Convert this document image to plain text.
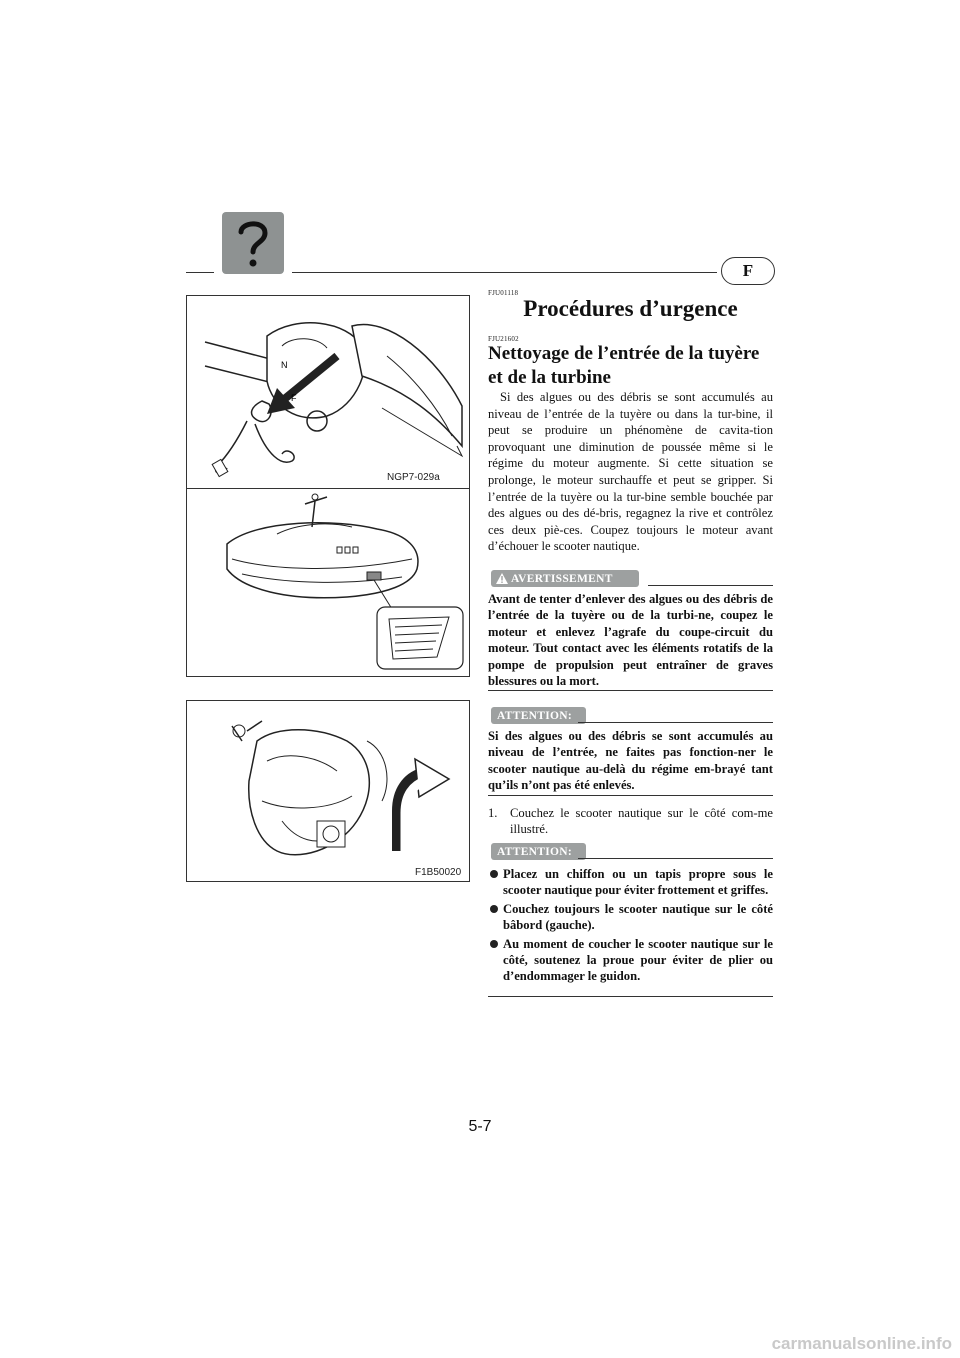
F
N
F
NGP7-029a
F1B50020
FJU01118
Procédures d’urgence
FJU21602
Nettoyage de l’entrée de la tuyère et de la turbine
Si des algues ou des débris se sont accumulés au niveau de l’entrée de la tuyère ou dans la tur-bine, il peut se produire un phénomène de cavita-tion provoquant une diminution de poussée même si le régime du moteur augmente. Si cette situation se prolonge, le moteur surchauffe et peut se gripper. Si l’entrée de la tuyère ou la tur-bine semble bouchée par des algues ou des dé-bris, regagnez la rive et contrôlez ces deux piè-ces. Coupez toujours le moteur avant d’échouer le scooter nautique.
AVERTISSEMENT
Avant de tenter d’enlever des algues ou des débris de l’entrée de la tuyère ou de la turbi-ne, coupez le moteur et enlevez l’agrafe du coupe-circuit du moteur. Tout contact avec les éléments rotatifs de la pompe de propulsion peut entraîner de graves blessures ou la mort.
ATTENTION:
Si des algues ou des débris se sont accumulés au niveau de l’entrée, ne faites pas fonction-ner le scooter nautique au-delà du régime em-brayé tant qu’ils n’ont pas été enlevés.
1. Couchez le scooter nautique sur le côté com-me illustré.
ATTENTION:
Placez un chiffon ou un tapis propre sous le scooter nautique pour éviter frottement et griffes.
Couchez toujours le scooter nautique sur le côté bâbord (gauche).
Au moment de coucher le scooter nautique sur le côté, soutenez la proue pour éviter de plier ou d’endommager le guidon.
5-7
carmanualsonline.info
